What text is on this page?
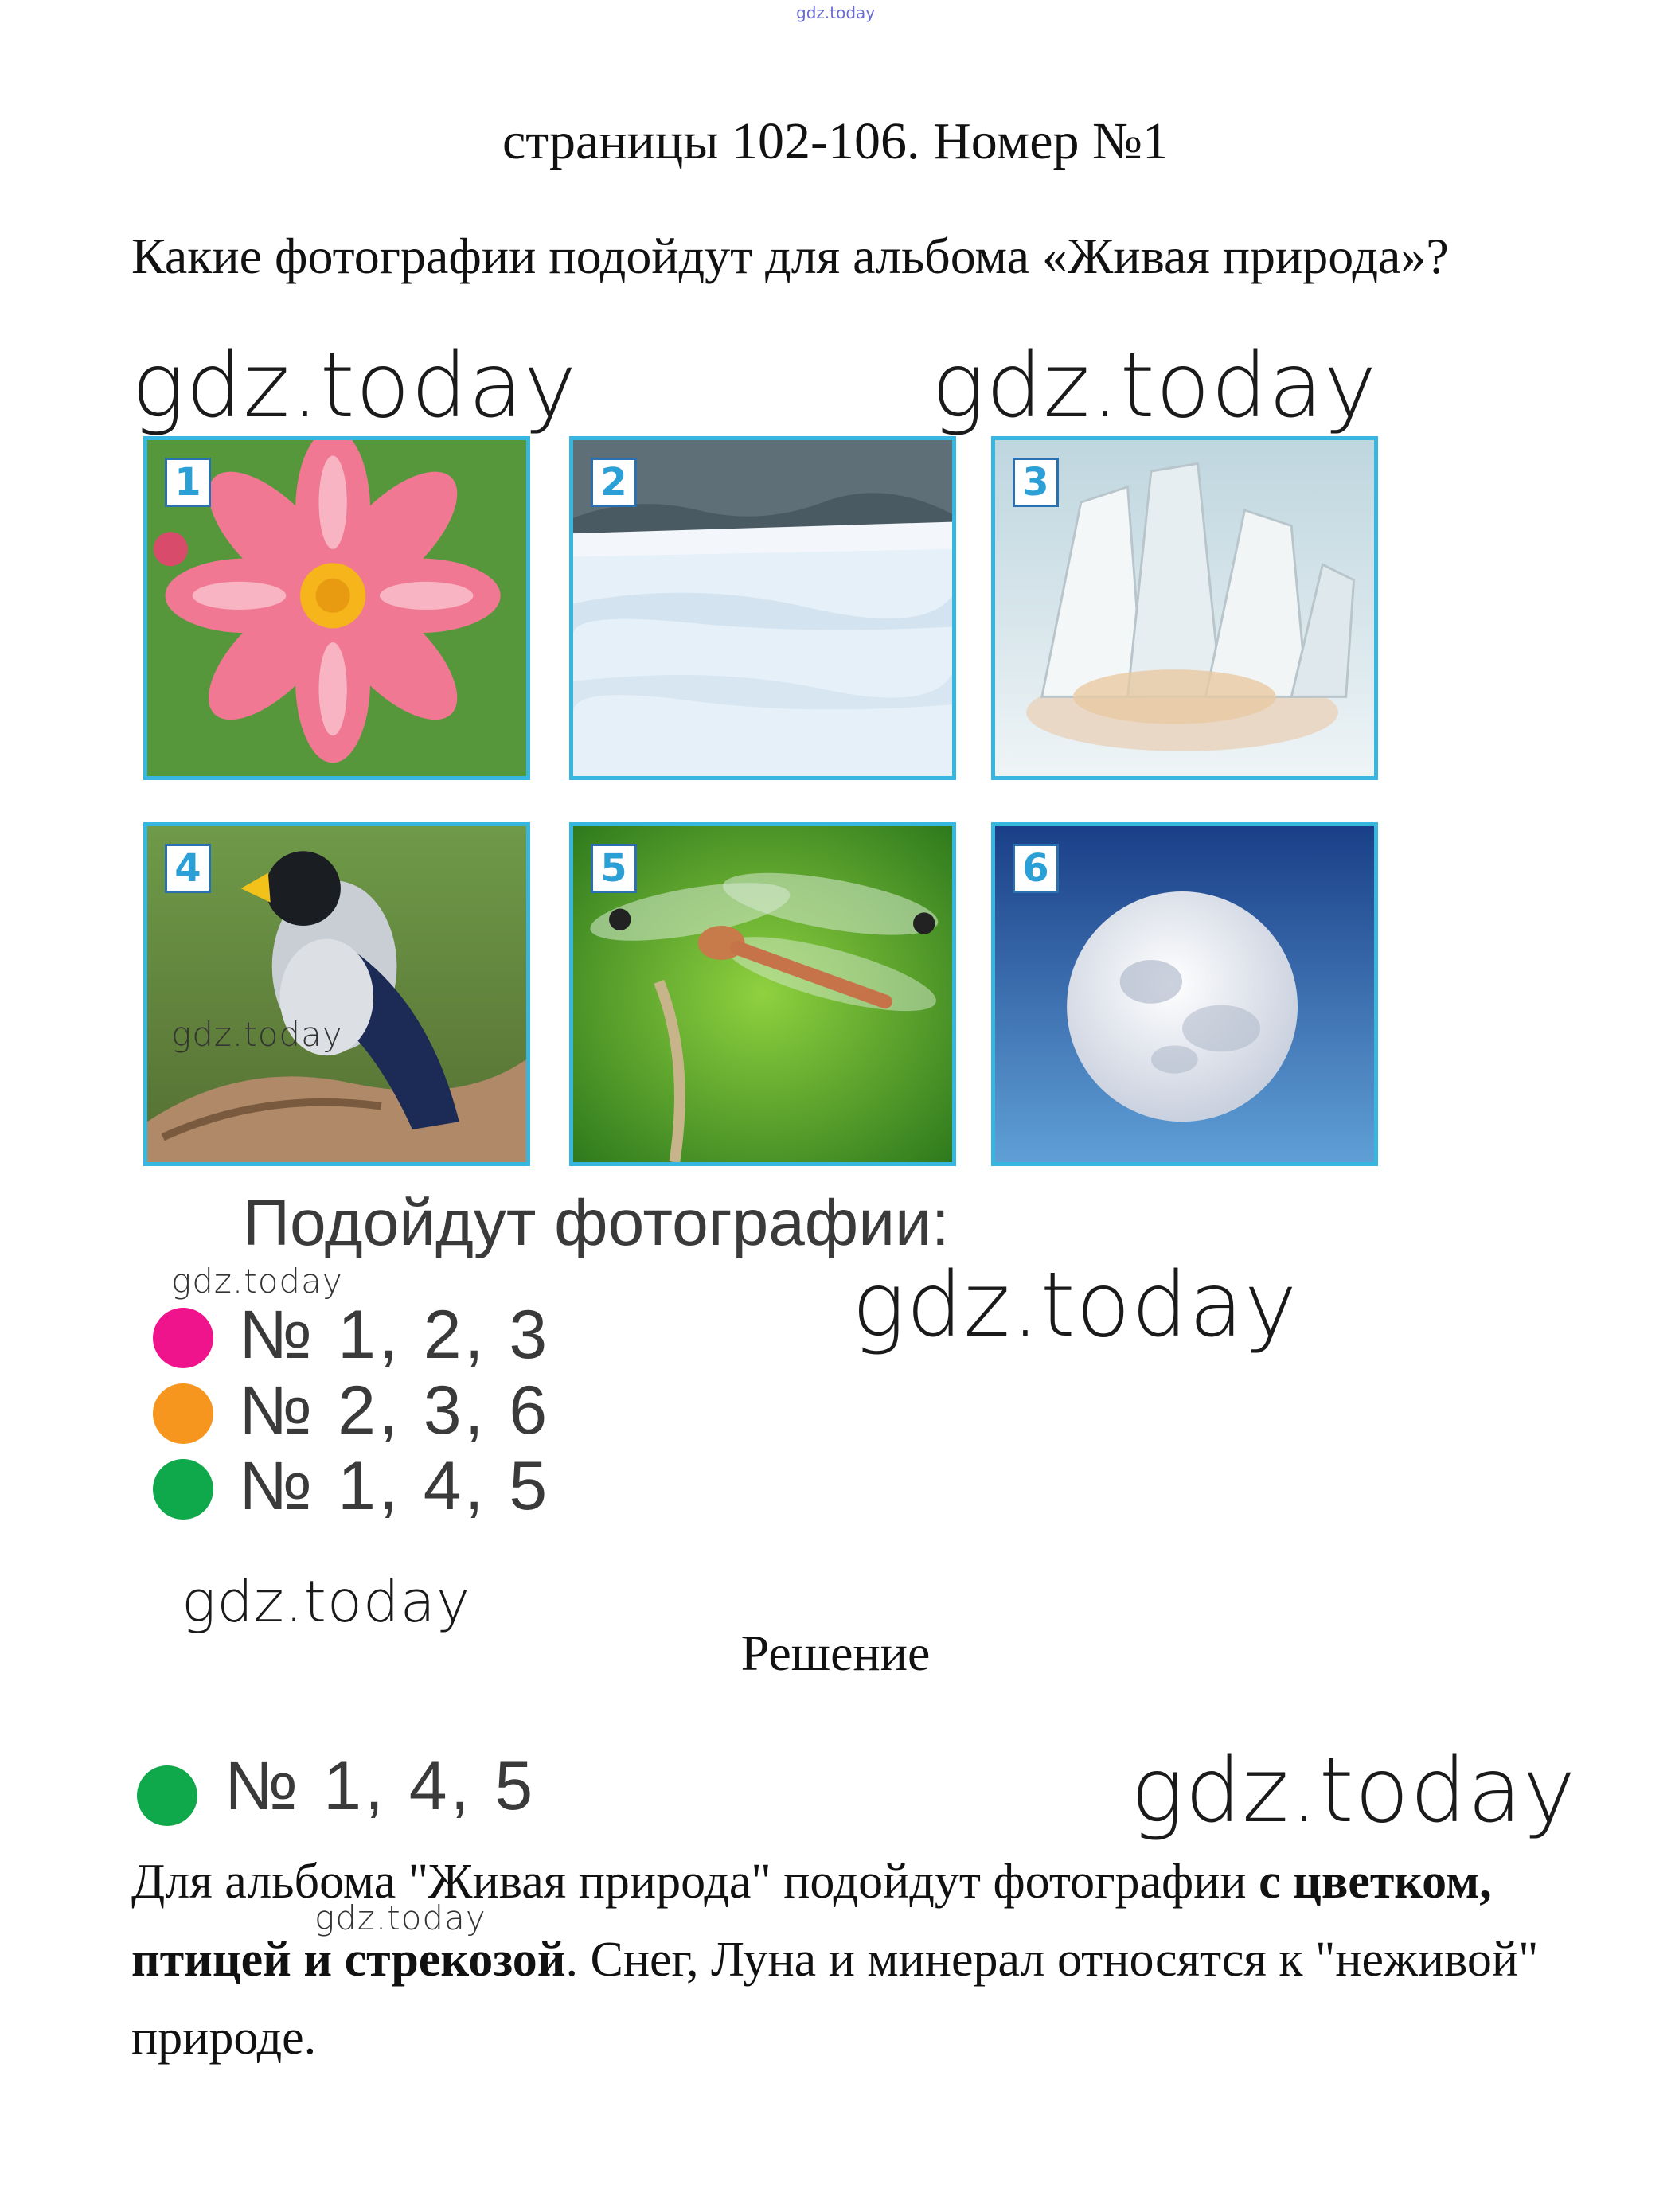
gdz.today
страницы 102-106. Номер №1
Какие фотографии подойдут для альбома «Живая природа»?
gdz.today	gdz.today
1	2	3
4	5	6
gdz.today
Подойдут фотографии:
gdz.today	gdz.today
№ 1, 2, 3
№ 2, 3, 6
№ 1, 4, 5
gdz.today
Решение
№ 1, 4, 5	gdz.today
Для альбома "Живая природа" подойдут фотографии с цветком, птицей и стрекозой. Снег, Луна и минерал относятся к "неживой" природе.
gdz.today
